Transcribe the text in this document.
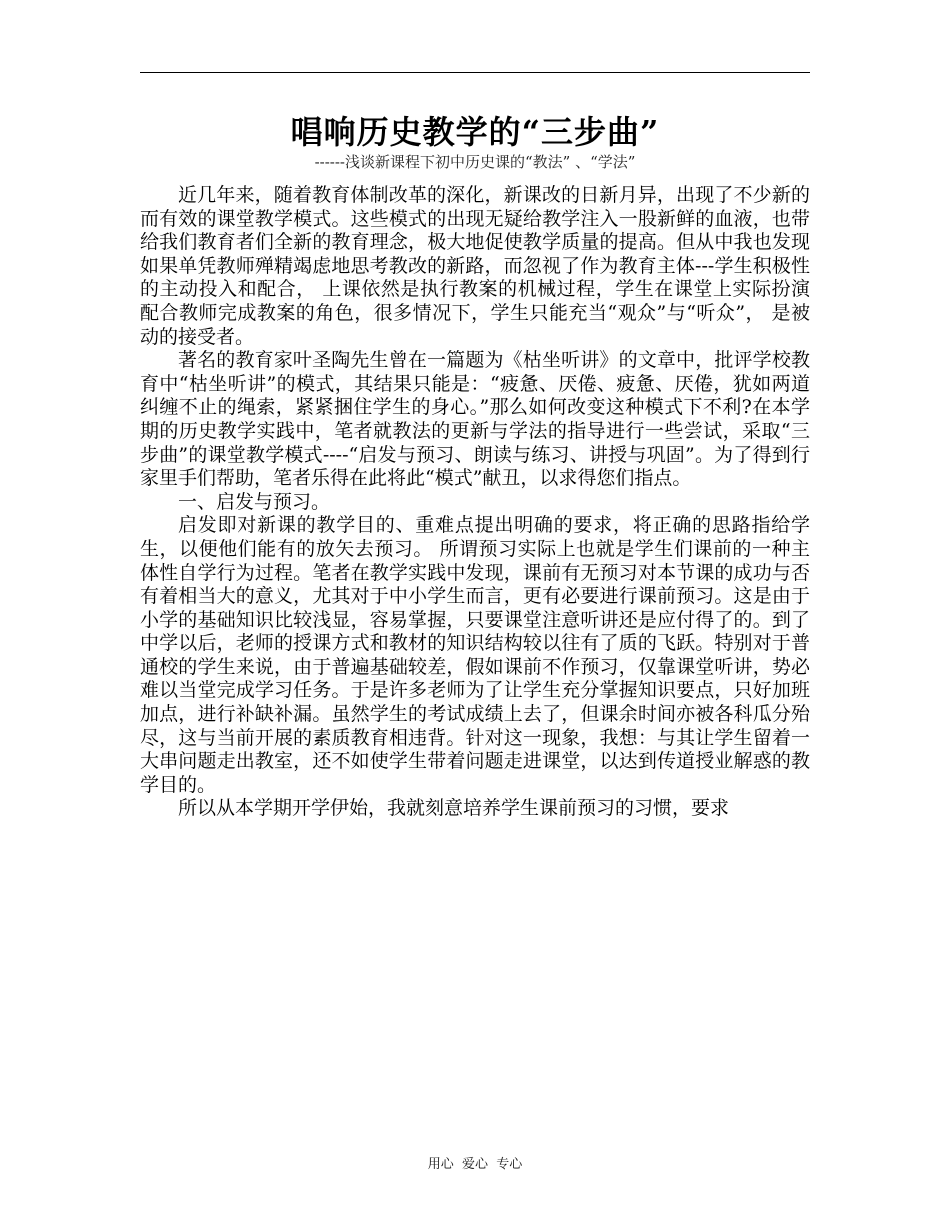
唱响历史教学的“三步曲”
------浅谈新课程下初中历史课的“教法” 、“学法”

近几年来，随着教育体制改革的深化，新课改的日新月异，出现了不少新的而有效的课堂教学模式。这些模式的出现无疑给教学注入一股新鲜的血液，也带给我们教育者们全新的教育理念，极大地促使教学质量的提高。但从中我也发现如果单凭教师殚精竭虑地思考教改的新路，而忽视了作为教育主体---学生积极性的主动投入和配合， 上课依然是执行教案的机械过程，学生在课堂上实际扮演配合教师完成教案的角色，很多情况下，学生只能充当“观众”与“听众”， 是被动的接受者。

著名的教育家叶圣陶先生曾在一篇题为《枯坐听讲》的文章中，批评学校教育中“枯坐听讲”的模式，其结果只能是：“疲惫、厌倦、疲惫、厌倦，犹如两道纠缠不止的绳索，紧紧捆住学生的身心。”那么如何改变这种模式下不利?在本学期的历史教学实践中，笔者就教法的更新与学法的指导进行一些尝试，采取“三步曲”的课堂教学模式----“启发与预习、朗读与练习、讲授与巩固”。为了得到行家里手们帮助，笔者乐得在此将此“模式”献丑，以求得您们指点。

一、启发与预习。

启发即对新课的教学目的、重难点提出明确的要求，将正确的思路指给学生，以便他们能有的放矢去预习。 所谓预习实际上也就是学生们课前的一种主体性自学行为过程。笔者在教学实践中发现，课前有无预习对本节课的成功与否有着相当大的意义，尤其对于中小学生而言，更有必要进行课前预习。这是由于小学的基础知识比较浅显，容易掌握，只要课堂注意听讲还是应付得了的。到了中学以后，老师的授课方式和教材的知识结构较以往有了质的飞跃。特别对于普通校的学生来说，由于普遍基础较差，假如课前不作预习，仅靠课堂听讲，势必难以当堂完成学习任务。于是许多老师为了让学生充分掌握知识要点，只好加班加点，进行补缺补漏。虽然学生的考试成绩上去了，但课余时间亦被各科瓜分殆尽，这与当前开展的素质教育相违背。针对这一现象，我想：与其让学生留着一大串问题走出教室，还不如使学生带着问题走进课堂，以达到传道授业解惑的教学目的。

所以从本学期开学伊始，我就刻意培养学生课前预习的习惯，要求

用心  爱心  专心
